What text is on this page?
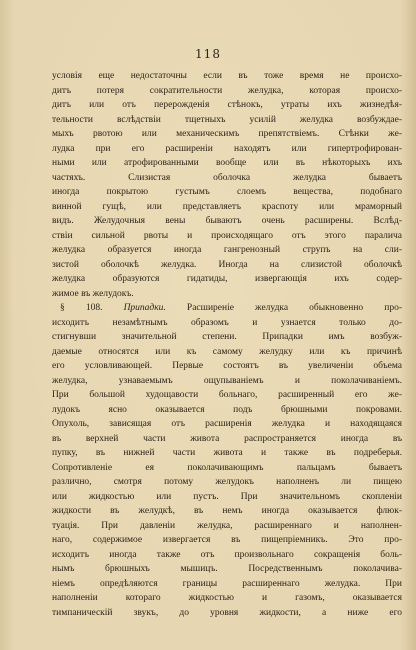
118
условія еще недостаточны если въ тоже время не происхо-
дитъ потеря сократительности желудка, которая происхо-
дитъ или отъ перерожденія стѣнокъ, утраты ихъ жизнедѣя-
тельности вслѣдствіи тщетныхъ усилій желудка возбуждае-
мыхъ рвотою или механическимъ препятствіемъ. Стѣнки же-
лудка при его расширеніи находятъ или гипертрофирован-
ными или атрофированными вообще или въ нѣкоторыхъ ихъ
частяхъ. Слизистая оболочка желудка бываетъ
иногда покрытою густымъ слоемъ вещества, подобнаго
винной гущѣ, или представляетъ краспоту или мраморный
видъ. Желудочныя вены бываютъ очень расширены. Вслѣд-
ствіи сильной рвоты и происходящаго отъ этого паралича
желудка образуется иногда гангренозный струпъ на сли-
зистой оболочкѣ желудка. Иногда на слизистой оболочкѣ
желудка образуются гидатиды, извергающія ихъ содер-
жимое въ желудокъ.
§ 108. Припадки. Расширеніе желудка обыкновенно про-
исходитъ незамѣтнымъ образомъ и узнается только до-
стигнувши значительной степени. Припадки имъ возбуж-
даемые относятся или къ самому желудку или къ причинѣ
его условливающей. Первые состоятъ въ увеличеніи объема
желудка, узнаваемымъ ощупываніемъ и поколачиваніемъ.
При большой худощавости больнаго, расширенный его же-
лудокъ ясно оказывается подъ брюшными покровами.
Опухоль, зависящая отъ расширенія желудка и находящаяся
въ верхней части живота распространяется иногда въ
пупку, въ нижней части живота и также въ подреберья.
Сопротивленіе ея поколачивающимъ пальцамъ бываетъ
различно, смотря потому желудокъ наполненъ ли пищею
или жидкостью или пустъ. При значительномъ скопленіи
жидкости въ желудкѣ, въ немъ иногда оказывается флюк-
туація. При давленіи желудка, расширеннаго и наполнен-
наго, содержимое извергается въ пищепріемникъ. Это про-
исходитъ иногда также отъ произвольнаго сокращенія боль-
нымъ брюшныхъ мышицъ. Посредственнымъ поколачива-
ніемъ опредѣляются границы расширеннаго желудка. При
наполненіи котораго жидкостью и газомъ, оказывается
тимпаническій звукъ, до уровня жидкости, а ниже его
